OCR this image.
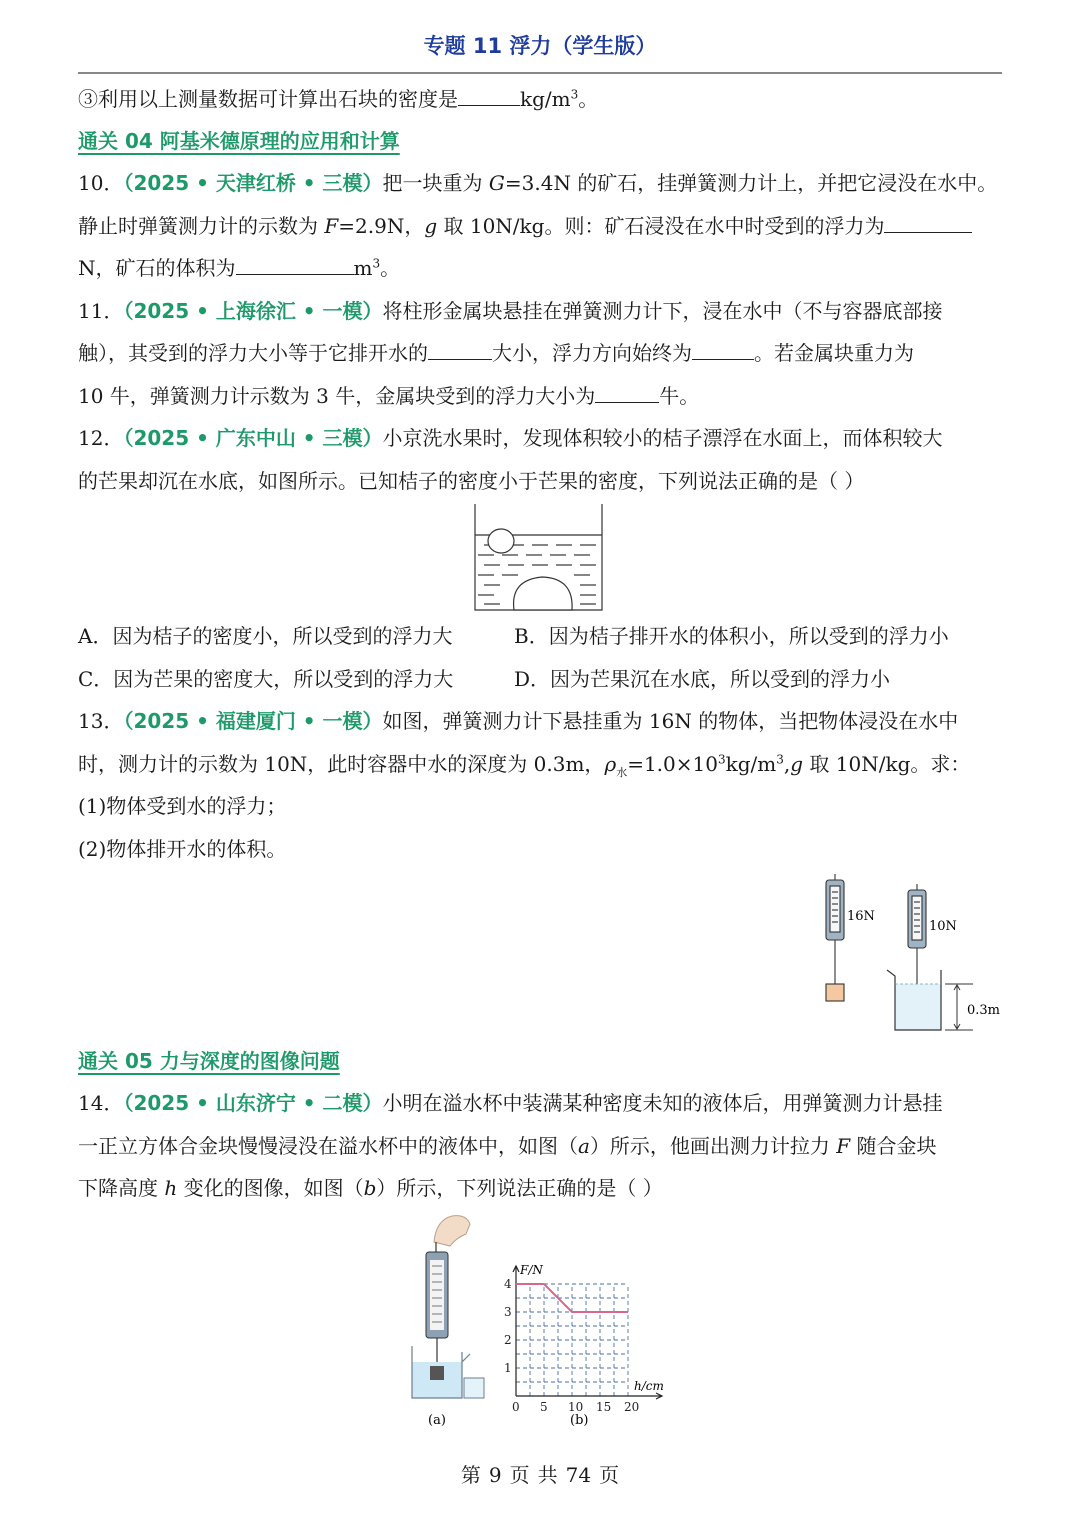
专题 11 浮力（学生版）
③利用以上测量数据可计算出石块的密度是	$kg/m^3$。
通关 04 阿基米德原理的应用和计算
10．（2025 • 天津红桥 • 三模）把一块重为 G=3.4N 的矿石，挂弹簧测力计上，并把它浸没在水中。
静止时弹簧测力计的示数为 F=2.9N，g 取 10N/kg。则：矿石浸没在水中时受到的浮力为
N，矿石的体积为	$m^3$。
11．（2025 • 上海徐汇 • 一模）将柱形金属块悬挂在弹簧测力计下，浸在水中（不与容器底部接
触），其受到的浮力大小等于它排开水的	大小，浮力方向始终为	。若金属块重力为
10 牛，弹簧测力计示数为 3 牛，金属块受到的浮力大小为	牛。
12．（2025 • 广东中山 • 三模）小京洗水果时，发现体积较小的桔子漂浮在水面上，而体积较大
的芒果却沉在水底，如图所示。已知桔子的密度小于芒果的密度，下列说法正确的是（ ）
A．因为桔子的密度小，所以受到的浮力大	B．因为桔子排开水的体积小，所以受到的浮力小
C．因为芒果的密度大，所以受到的浮力大	D．因为芒果沉在水底，所以受到的浮力小
13．（2025 • 福建厦门 • 一模）如图，弹簧测力计下悬挂重为 16N 的物体，当把物体浸没在水中
时，测力计的示数为 10N，此时容器中水的深度为 0.3m，$\rho_水=1.0\times 10^3kg/m^3,g$ 取 10N/kg。求：
(1)物体受到水的浮力；
(2)物体排开水的体积。
16N
10N
0.3m
通关 05 力与深度的图像问题
14．（2025 • 山东济宁 • 二模）小明在溢水杯中装满某种密度未知的液体后，用弹簧测力计悬挂
一正立方体合金块慢慢浸没在溢水杯中的液体中，如图（a）所示，他画出测力计拉力 F 随合金块
下降高度 h 变化的图像，如图（b）所示，下列说法正确的是（ ）
(a)
0 5 10 15 20
1
2
3
4
F/N
h/cm
(b)
第 9 页 共 74 页
